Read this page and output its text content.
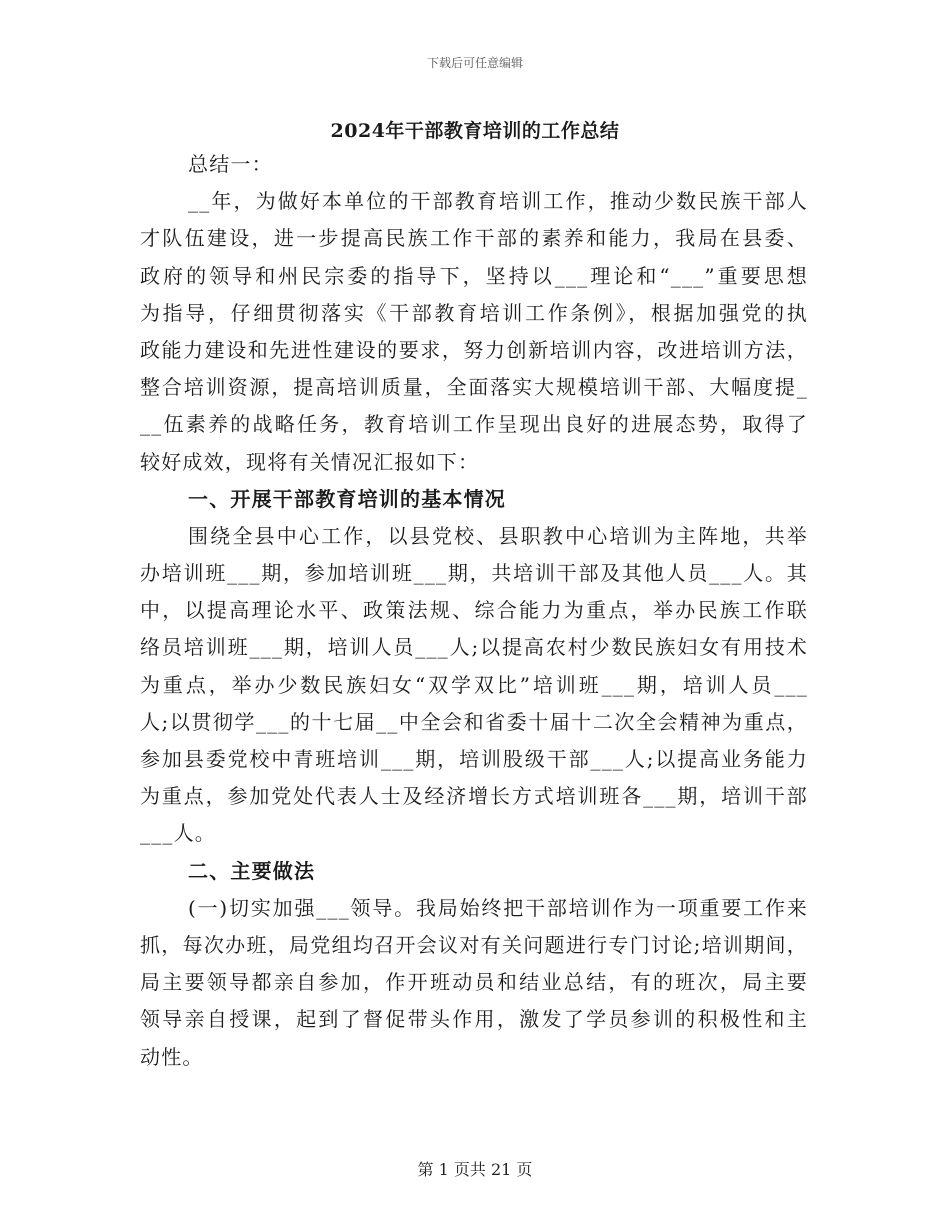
下载后可任意编辑
2024年干部教育培训的工作总结
总结一：
__年，为做好本单位的干部教育培训工作，推动少数民族干部人
才队伍建设，进一步提高民族工作干部的素养和能力，我局在县委、
政府的领导和州民宗委的指导下，坚持以___理论和“___”重要思想
为指导，仔细贯彻落实《干部教育培训工作条例》，根据加强党的执
政能力建设和先进性建设的要求，努力创新培训内容，改进培训方法，
整合培训资源，提高培训质量，全面落实大规模培训干部、大幅度提_
__伍素养的战略任务，教育培训工作呈现出良好的进展态势，取得了
较好成效，现将有关情况汇报如下：
一、开展干部教育培训的基本情况
围绕全县中心工作，以县党校、县职教中心培训为主阵地，共举
办培训班___期，参加培训班___期，共培训干部及其他人员___人。其
中，以提高理论水平、政策法规、综合能力为重点，举办民族工作联
络员培训班___期，培训人员___人;以提高农村少数民族妇女有用技术
为重点，举办少数民族妇女“双学双比”培训班___期，培训人员___
人;以贯彻学___的十七届__中全会和省委十届十二次全会精神为重点，
参加县委党校中青班培训___期，培训股级干部___人;以提高业务能力
为重点，参加党处代表人士及经济增长方式培训班各___期，培训干部
___人。
二、主要做法
(一)切实加强___领导。我局始终把干部培训作为一项重要工作来
抓，每次办班，局党组均召开会议对有关问题进行专门讨论;培训期间，
局主要领导都亲自参加，作开班动员和结业总结，有的班次，局主要
领导亲自授课，起到了督促带头作用，激发了学员参训的积极性和主
动性。
第 1 页共 21 页
